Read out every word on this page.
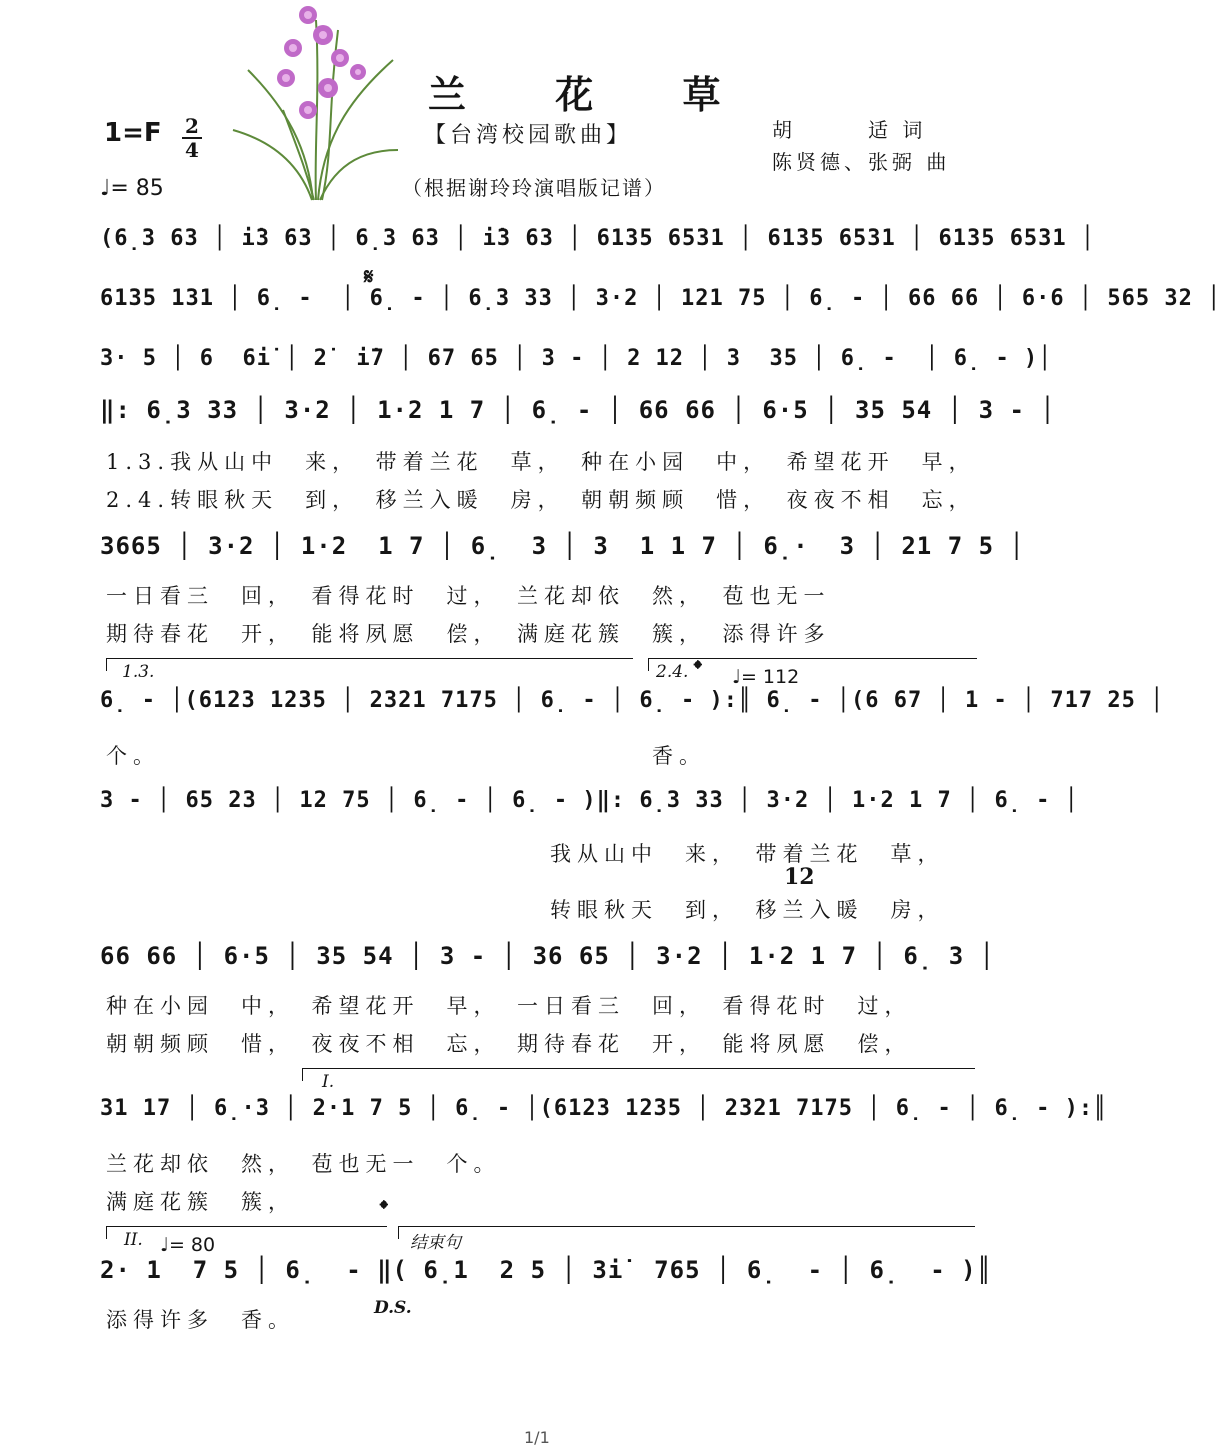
兰 花 草
【台湾校园歌曲】
（根据谢玲玲演唱版记谱）
1=F 2
4
♩= 85
胡　　　适 词
陈贤德、张弼 曲
(6̣3 63 │ i̇3 63 │ 6̣3 63 │ i̇3 63 │ 6135 6531 │ 6135 6531 │ 6135 6531 │
𝄋
6135 131 │ 6̣ -  │ 6̣ - │ 6̣3 33 │ 3·2 │ 121 75 │ 6̣ - │ 66 66 │ 6·6 │ 565 32 │
3· 5 │ 6  6i̇ │ 2̇  i̇7 │ 67 65 │ 3 - │ 2 12 │ 3  35 │ 6̣ -  │ 6̣ - )│
‖: 6̣3 33 │ 3·2 │ 1·2 1 7 │ 6̣ - │ 66 66 │ 6·5 │ 35 54 │ 3 - │
1.3.我从山中　来，　带着兰花　草，　种在小园　中，　希望花开　早，
2.4.转眼秋天　到，　移兰入暖　房，　朝朝频顾　惜，　夜夜不相　忘，
3665 │ 3·2 │ 1·2  1 7 │ 6̣  3 │ 3  1 1 7 │ 6̣·  3 │ 21 7 5 │
一日看三　回，　看得花时　过，　兰花却依　然，　苞也无一
期待春花　开，　能将夙愿　偿，　满庭花簇　簇，　添得许多
1.3.	2.4. 𝄌 ♩= 112
6̣ - │(6123 1235 │ 2321 7175 │ 6̣ - │ 6̣ - ):║ 6̣ - │(6 67 │ 1 - │ 717 25 │
个。	香。
3 - │ 65 23 │ 12 75 │ 6̣ - │ 6̣ - )‖: 6̣3 33 │ 3·2 │ 1·2 1 7 │ 6̣ - │
我从山中　来，　带着兰花　草，
12
转眼秋天　到，　移兰入暖　房，
66 66 │ 6·5 │ 35 54 │ 3 - │ 36 65 │ 3·2 │ 1·2 1 7 │ 6̣ 3 │
种在小园　中，　希望花开　早，　一日看三　回，　看得花时　过，
朝朝频顾　惜，　夜夜不相　忘，　期待春花　开，　能将夙愿　偿，
I.
31 17 │ 6̣·3 │ 2·1 7 5 │ 6̣ - │(6123 1235 │ 2321 7175 │ 6̣ - │ 6̣ - ):║
兰花却依　然，　苞也无一　个。
满庭花簇　簇，	𝄌
II. ♩= 80	结束句
2· 1  7 5 │ 6̣  - ‖( 6̣1  2 5 │ 3i̇  765 │ 6̣  - │ 6̣  - )║
添得许多　香。	D.S.
1/1
